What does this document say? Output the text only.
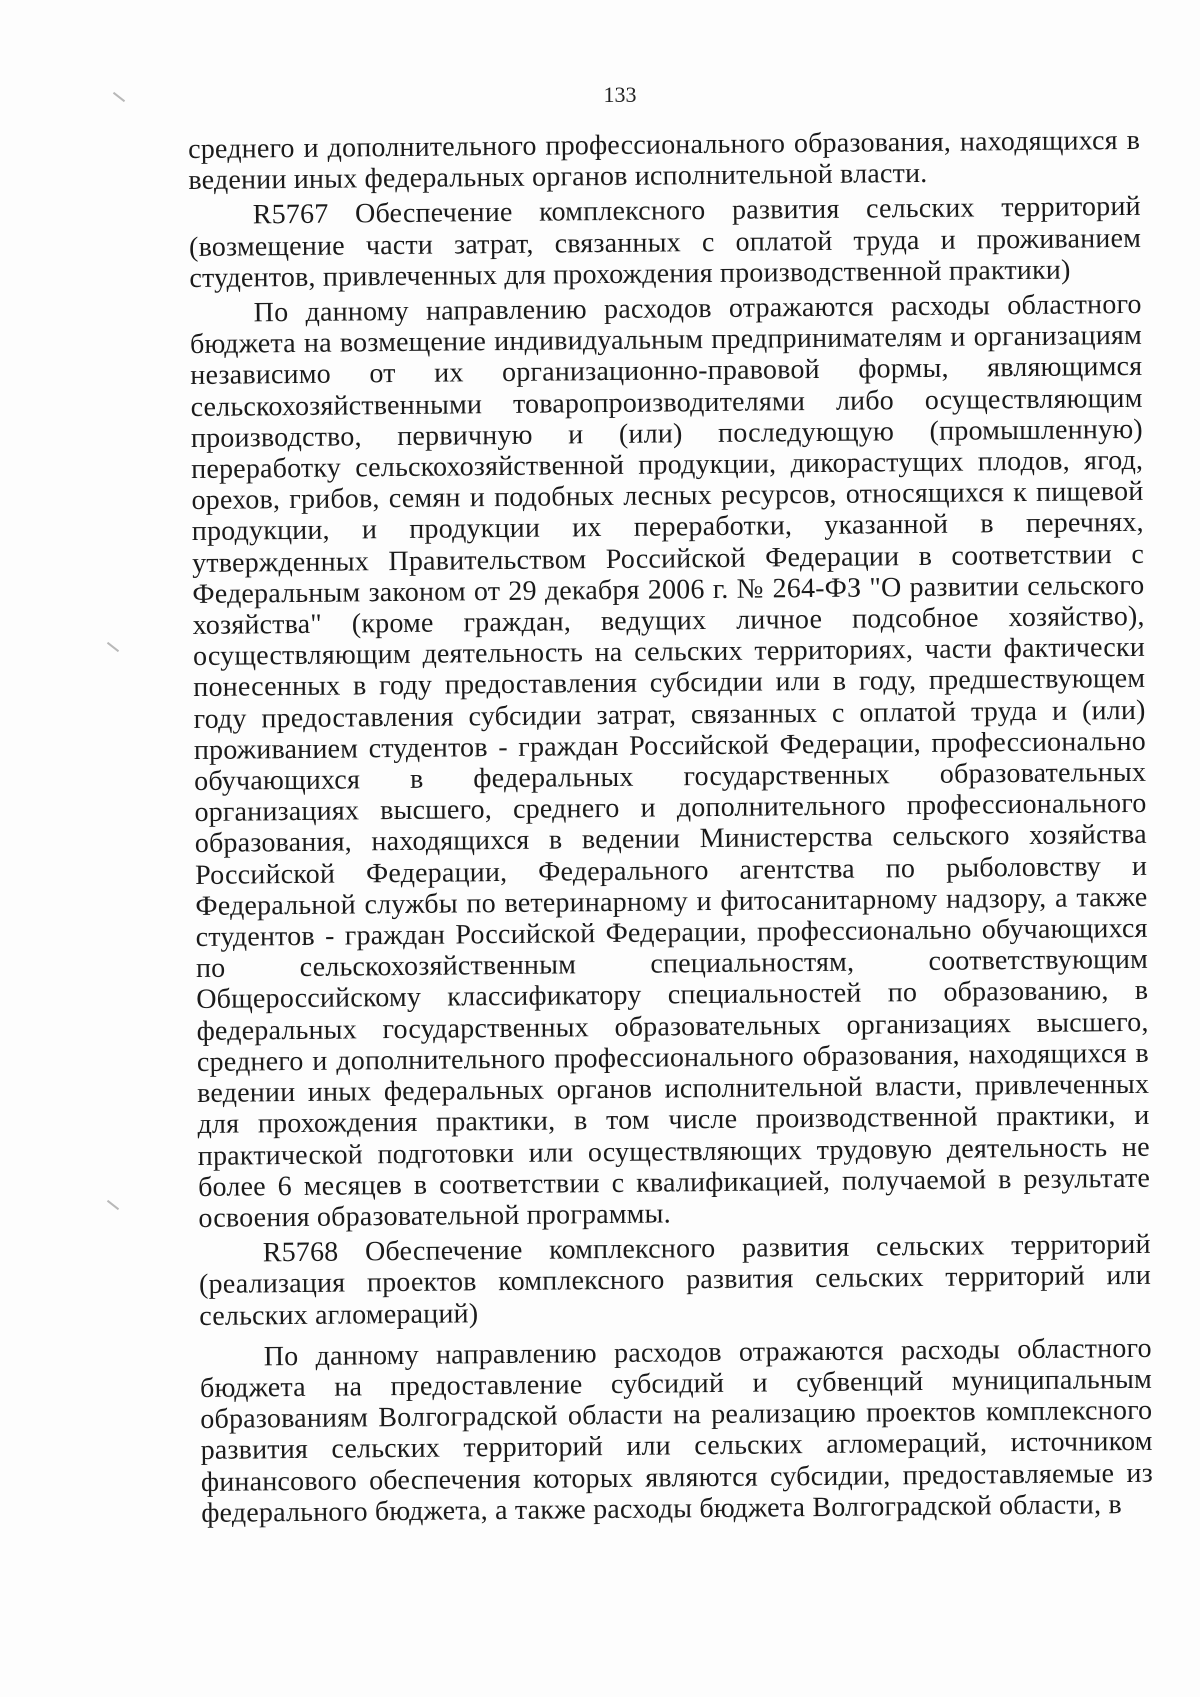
133

среднего и дополнительного профессионального образования, находящихся в ведении иных федеральных органов исполнительной власти.

R5767 Обеспечение комплексного развития сельских территорий (возмещение части затрат, связанных с оплатой труда и проживанием студентов, привлеченных для прохождения производственной практики)

По данному направлению расходов отражаются расходы областного бюджета на возмещение индивидуальным предпринимателям и организациям независимо от их организационно-правовой формы, являющимся сельскохозяйственными товаропроизводителями либо осуществляющим производство, первичную и (или) последующую (промышленную) переработку сельскохозяйственной продукции, дикорастущих плодов, ягод, орехов, грибов, семян и подобных лесных ресурсов, относящихся к пищевой продукции, и продукции их переработки, указанной в перечнях, утвержденных Правительством Российской Федерации в соответствии с Федеральным законом от 29 декабря 2006 г. № 264-ФЗ "О развитии сельского хозяйства" (кроме граждан, ведущих личное подсобное хозяйство), осуществляющим деятельность на сельских территориях, части фактически понесенных в году предоставления субсидии или в году, предшествующем году предоставления субсидии затрат, связанных с оплатой труда и (или) проживанием студентов - граждан Российской Федерации, профессионально обучающихся в федеральных государственных образовательных организациях высшего, среднего и дополнительного профессионального образования, находящихся в ведении Министерства сельского хозяйства Российской Федерации, Федерального агентства по рыболовству и Федеральной службы по ветеринарному и фитосанитарному надзору, а также студентов - граждан Российской Федерации, профессионально обучающихся по сельскохозяйственным специальностям, соответствующим Общероссийскому классификатору специальностей по образованию, в федеральных государственных образовательных организациях высшего, среднего и дополнительного профессионального образования, находящихся в ведении иных федеральных органов исполнительной власти, привлеченных для прохождения практики, в том числе производственной практики, и практической подготовки или осуществляющих трудовую деятельность не более 6 месяцев в соответствии с квалификацией, получаемой в результате освоения образовательной программы.

R5768 Обеспечение комплексного развития сельских территорий (реализация проектов комплексного развития сельских территорий или сельских агломераций)

По данному направлению расходов отражаются расходы областного бюджета на предоставление субсидий и субвенций муниципальным образованиям Волгоградской области на реализацию проектов комплексного развития сельских территорий или сельских агломераций, источником финансового обеспечения которых являются субсидии, предоставляемые из федерального бюджета, а также расходы бюджета Волгоградской области, в
